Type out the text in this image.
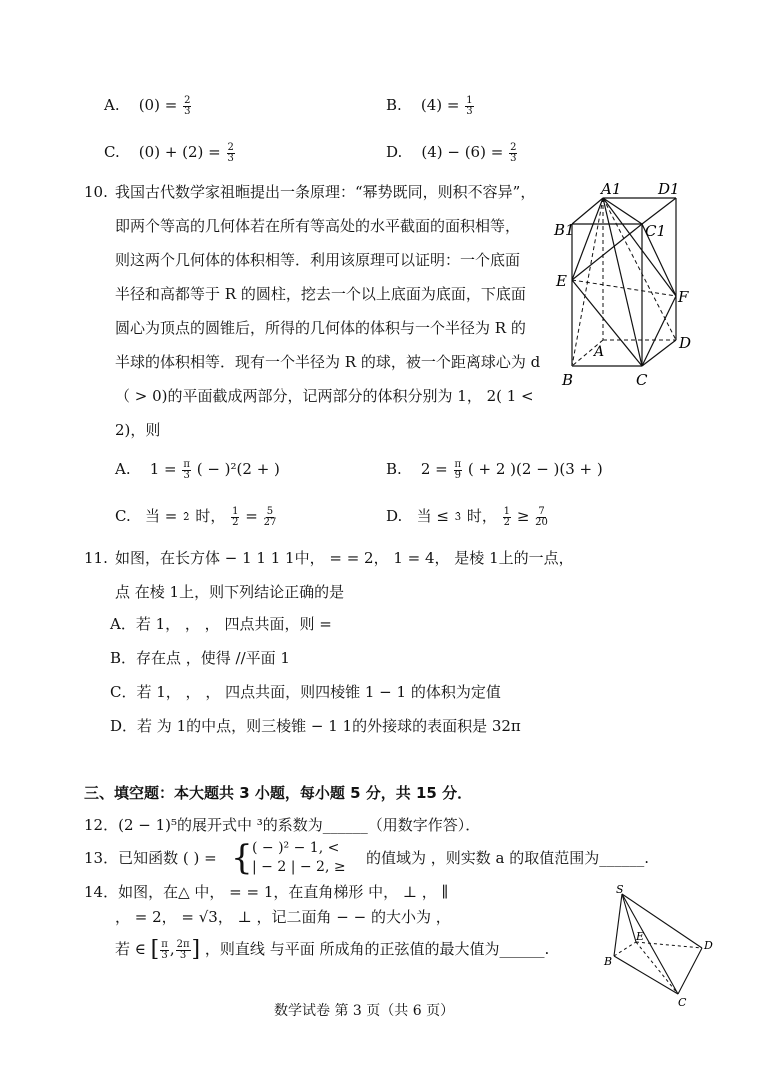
A. $(0) = \frac{2}{3}$	B. $(4) = \frac{1}{3}$
C. $(0) + (2) = \frac{2}{3}$	D. $(4) - (6) = \frac{2}{3}$
10. 我国古代数学家祖暅提出一条原理：“幂势既同，则积不容异”，
即两个等高的几何体若在所有等高处的水平截面的面积相等，
则这两个几何体的体积相等．利用该原理可以证明：一个底面
半径和高都等于 R 的圆柱，挖去一个以上底面为底面，下底面
圆心为顶点的圆锥后，所得的几何体的体积与一个半径为 R 的
半球的体积相等．现有一个半径为 R 的球，被一个距离球心为 d
（ > 0)的平面截成两部分，记两部分的体积分别为 1， 2( 1 <
2)，则
A. $1 = \frac{\pi}{3}$ ( − )²(2 + )	B. $2 = \frac{\pi}{9}$ ( + 2 )(2 − )(3 + )
C. 当 = 2 时， $\frac{1}{2} = \frac{5}{27}$	D. 当 ≤ 3 时， $\frac{1}{2} \ge \frac{7}{20}$
A1 D1
B1	C1
E
F
A	D
B	C
11. 如图，在长方体 − 1 1 1 1中， = = 2， 1 = 4， 是棱 1上的一点，
点 在棱 1上，则下列结论正确的是
A．若 1， ， ， 四点共面，则 =
B．存在点 ，使得 //平面 1
C．若 1， ， ， 四点共面，则四棱锥 1 − 1 的体积为定值
D．若 为 1的中点，则三棱锥 − 1 1的外接球的表面积是 32π
三、填空题：本大题共 3 小题，每小题 5 分，共 15 分．
12．(2 − 1)⁵的展开式中 ³的系数为______（用数字作答）．
13．已知函数 ( ) = { ( − )² − 1, <
| − 2 | − 2, ≥ 的值域为 ，则实数 a 的取值范围为______.
14．如图，在△ 中， = = 1，在直角梯形 中， ⊥ ， ∥
， = 2， = √3， ⊥ ，记二面角 − − 的大小为 ，
若 ∈ [ $\frac{\pi}{3}$ , $\frac{2\pi}{3}$ ] ，则直线 与平面 所成角的正弦值的最大值为______.
S
E
D
B
C
数学试卷 第 3 页（共 6 页）
